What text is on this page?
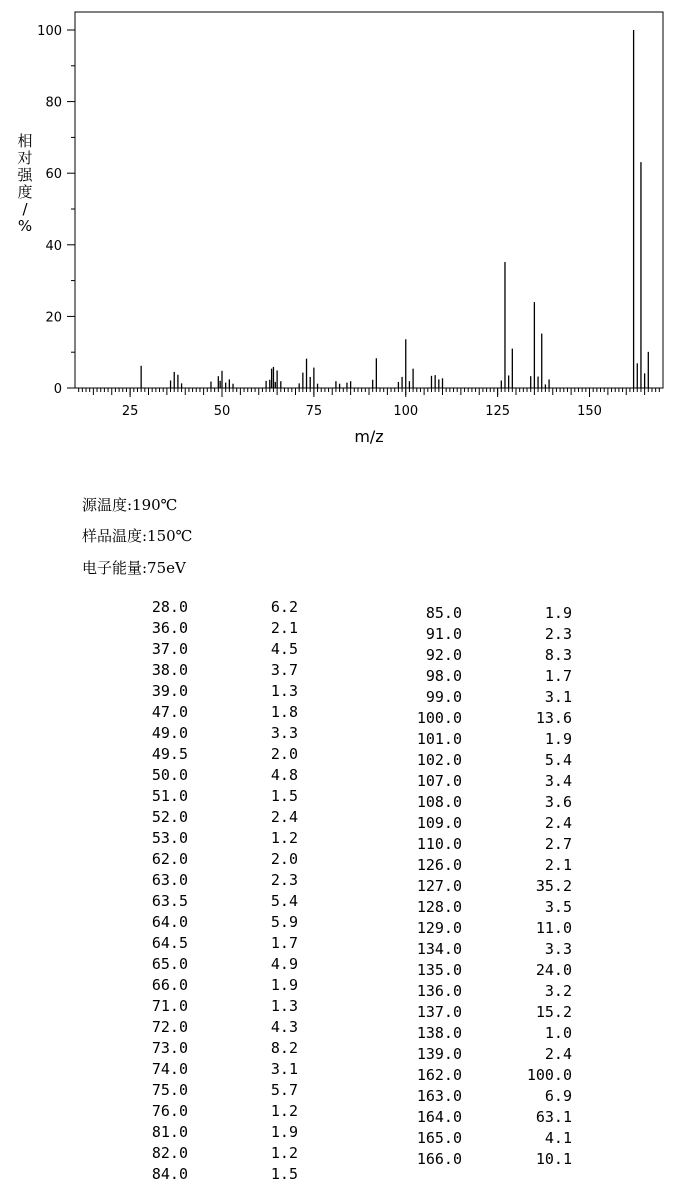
25	50	75	100	125	150
0
20
40
60
80
100
m/z
相
对
强
度
/
%
源温度:190℃
样品温度:150℃
电子能量:75eV
28.0	6.2
36.0	2.1
37.0	4.5
38.0	3.7
39.0	1.3
47.0	1.8
49.0	3.3
49.5	2.0
50.0	4.8
51.0	1.5
52.0	2.4
53.0	1.2
62.0	2.0
63.0	2.3
63.5	5.4
64.0	5.9
64.5	1.7
65.0	4.9
66.0	1.9
71.0	1.3
72.0	4.3
73.0	8.2
74.0	3.1
75.0	5.7
76.0	1.2
81.0	1.9
82.0	1.2
84.0	1.5
85.0	1.9
91.0	2.3
92.0	8.3
98.0	1.7
99.0	3.1
100.0	13.6
101.0	1.9
102.0	5.4
107.0	3.4
108.0	3.6
109.0	2.4
110.0	2.7
126.0	2.1
127.0	35.2
128.0	3.5
129.0	11.0
134.0	3.3
135.0	24.0
136.0	3.2
137.0	15.2
138.0	1.0
139.0	2.4
162.0	100.0
163.0	6.9
164.0	63.1
165.0	4.1
166.0	10.1
